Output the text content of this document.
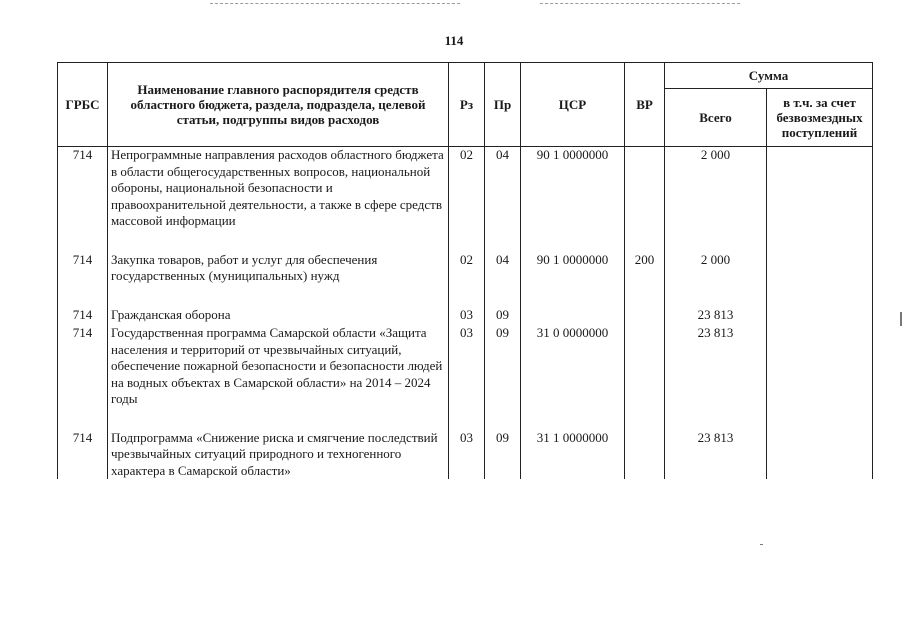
114
ГРБС	Наименование главного распорядителя средств областного бюджета, раздела, подраздела, целевой статьи, подгруппы видов расходов	Рз	Пр	ЦСР	ВР	Сумма	
						Всего	в т.ч. за счет безвозмездных поступлений
714	Непрограммные направления расходов областного бюджета в области общегосударственных вопросов, национальной обороны, национальной безопасности и правоохранительной деятельности, а также в сфере средств массовой информации	02	04	90 1 0000000		2 000	
714	Закупка товаров, работ и услуг для обеспечения государственных (муниципальных) нужд	02	04	90 1 0000000	200	2 000	
714	Гражданская оборона	03	09			23 813	
714	Государственная программа Самарской области «Защита населения и территорий от чрезвычайных ситуаций, обеспечение пожарной безопасности и безопасности людей на водных объектах в Самарской области» на 2014 – 2024 годы	03	09	31 0 0000000		23 813	
714	Подпрограмма «Снижение риска и смягчение последствий чрезвычайных ситуаций природного и техногенного характера в Самарской области»	03	09	31 1 0000000		23 813	
